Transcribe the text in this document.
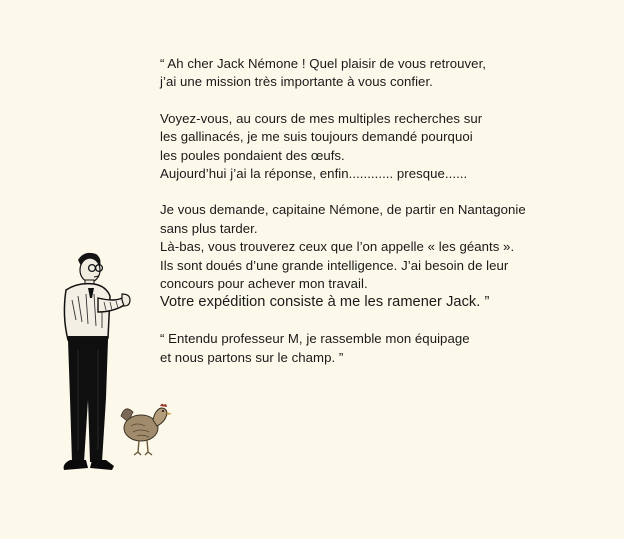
“ Ah cher Jack Némone ! Quel plaisir de vous retrouver,
j’ai une mission très importante à vous confier.

Voyez-vous, au cours de mes multiples recherches sur
les gallinacés, je me suis toujours demandé pourquoi
les poules pondaient des œufs.
Aujourd’hui j’ai la réponse, enfin............ presque......

Je vous demande, capitaine Némone, de partir en Nantagonie
sans plus tarder.
Là-bas, vous trouverez ceux que l’on appelle « les géants ».
Ils sont doués d’une grande intelligence. J’ai besoin de leur
concours pour achever mon travail.
Votre expédition consiste à me les ramener Jack. ”

“ Entendu professeur M, je rassemble mon équipage
et nous partons sur le champ. ”
